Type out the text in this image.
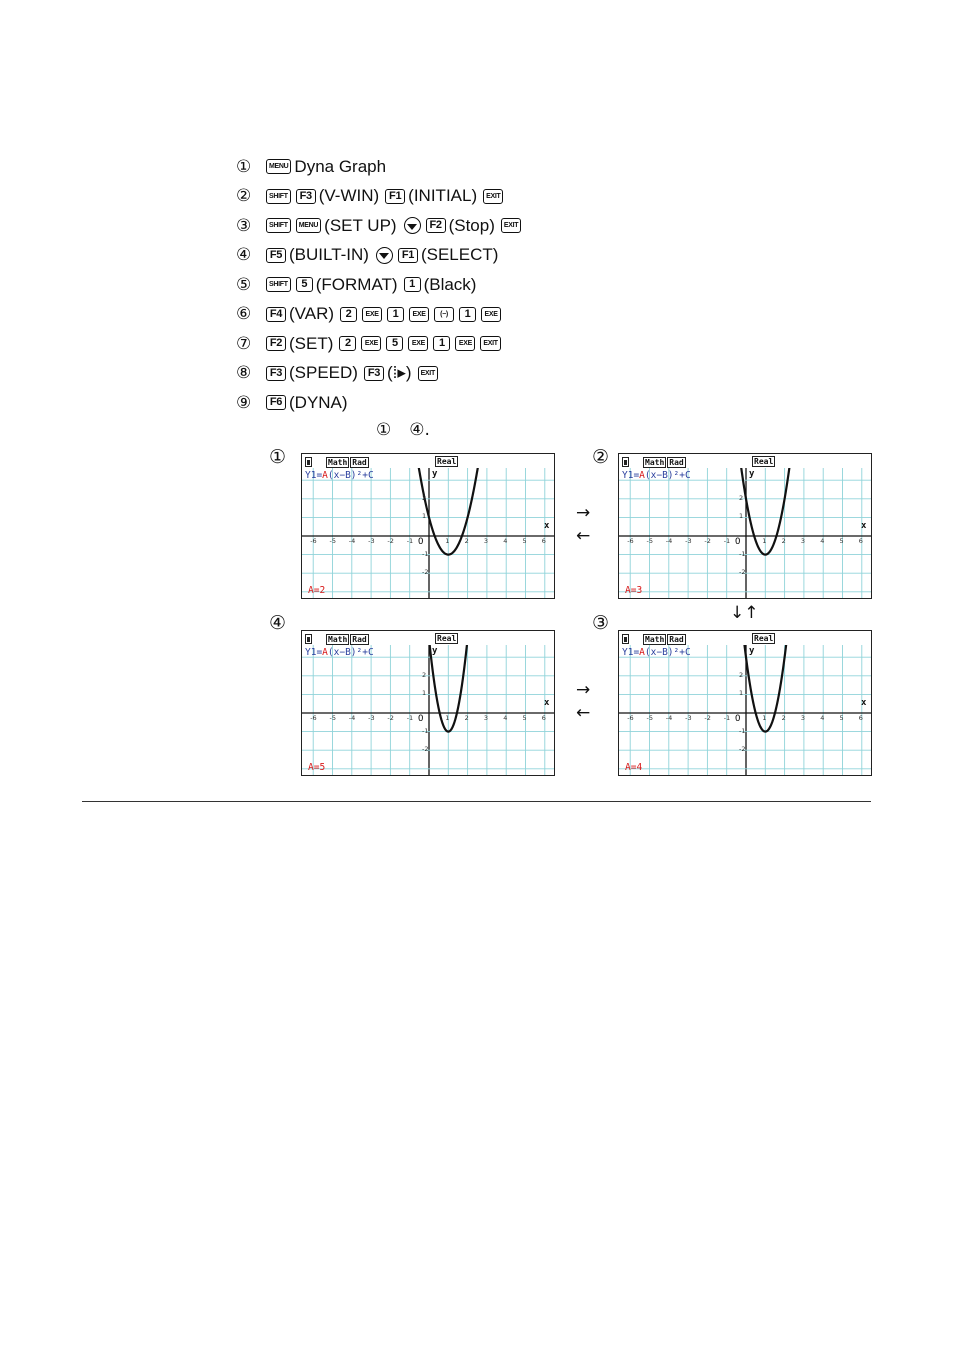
①	MENU Dyna Graph
②	SHIFT	F3 (V-WIN) F1 (INITIAL)	EXIT
③	SHIFT	MENU (SET UP)	F2 (Stop)	EXIT
④	F5 (BUILT-IN)	F1 (SELECT)
⑤	SHIFT	5 (FORMAT)	1 (Black)
⑥	F4 (VAR)	2	EXE	1	EXE	(−)	1	EXE
⑦	F2 (SET)	2	EXE	5	EXE	1	EXE	EXIT
⑧	F3 (SPEED) F3 (⁞▸)	EXIT
⑨	F6 (DYNA)
① ④.
①	Math Rad	Real
Y1=A(x−B)²+C	y
x
O
-6 -5 -4 -3 -2 -1	1 2 3 4 5 6
2
1
-1
-2
A=2
②	Math Rad	Real
Y1=A(x−B)²+C	y
x
O
-6 -5 -4 -3 -2 -1	1 2 3 4 5 6
2
1
-1
-2
A=3
③
Math Rad	Real
Y1=A(x−B)²+C	y
x
O
-6 -5 -4 -3 -2 -1	1 2 3 4 5 6
2
1
-1
-2
A=4
④
Math Rad	Real
Y1=A(x−B)²+C	y
x
O
-6 -5 -4 -3 -2 -1	1 2 3 4 5 6
2
1
-1
-2
A=5
→
←
↓↑
→
←
